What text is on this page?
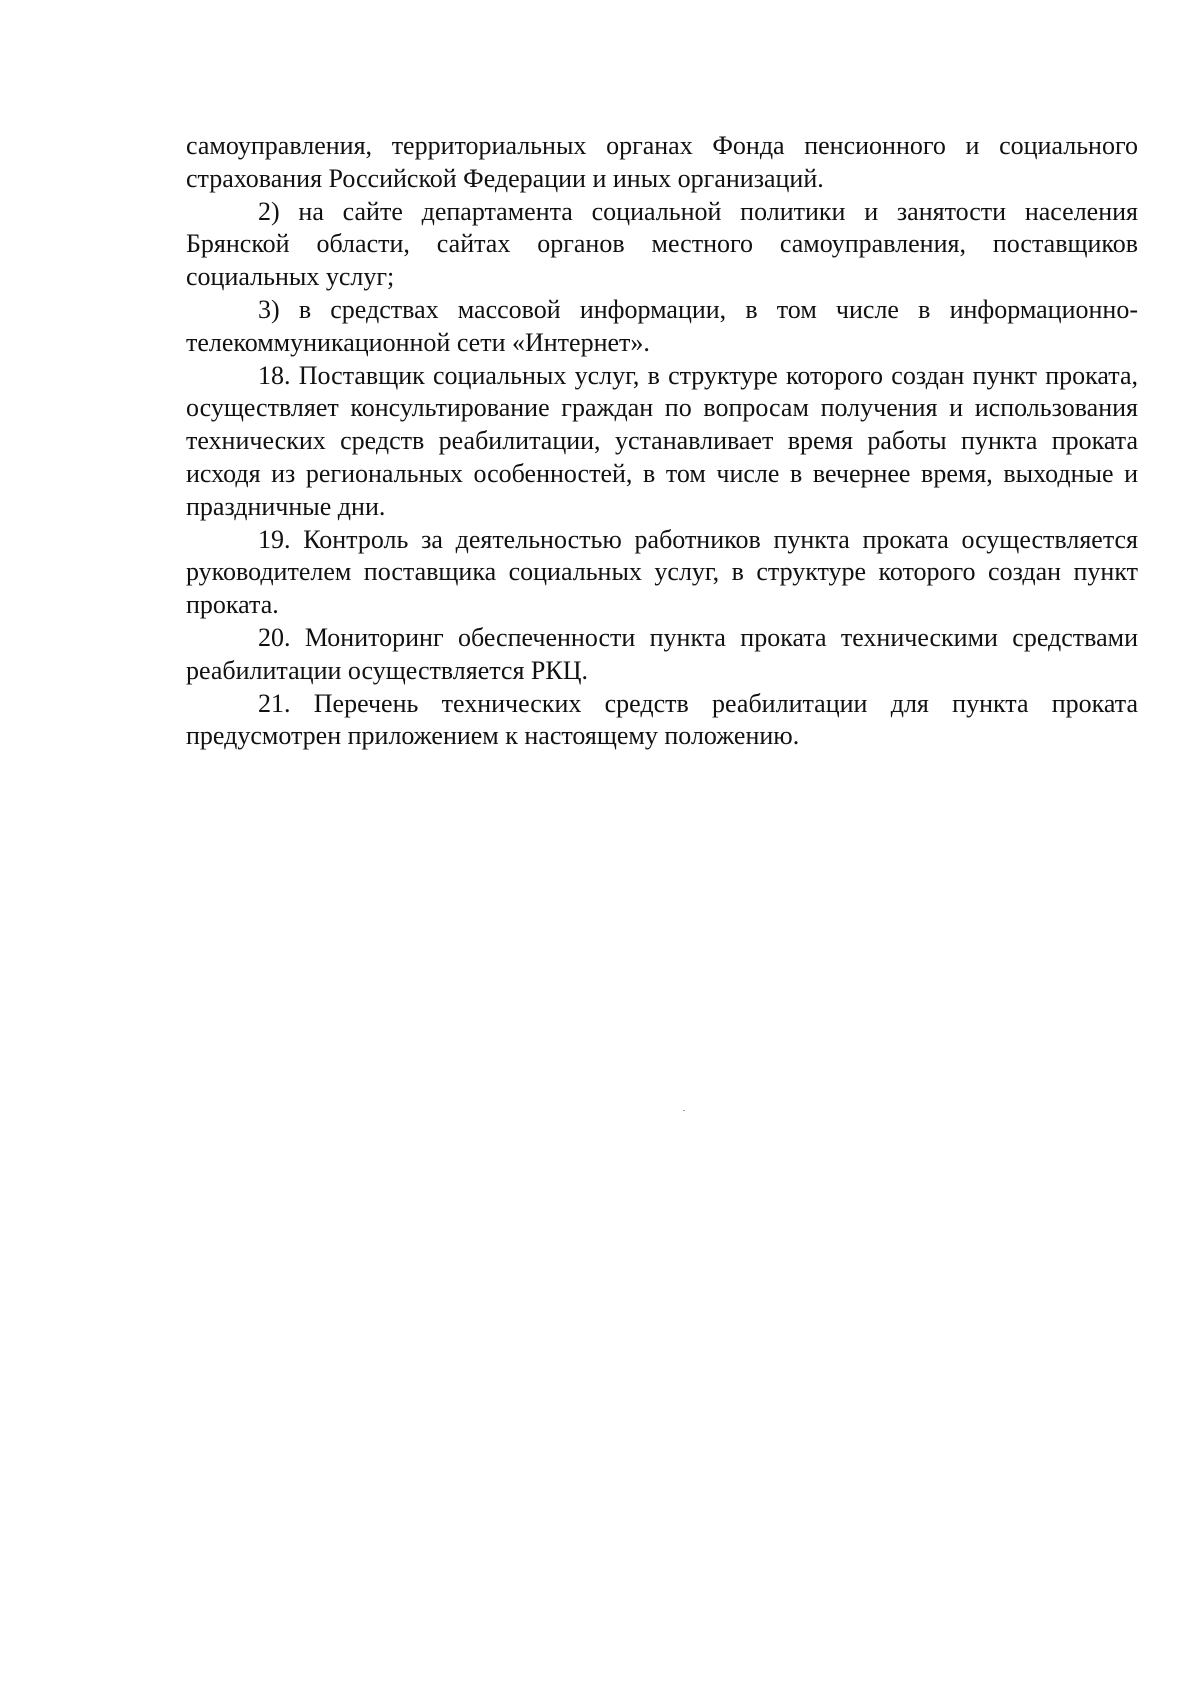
самоуправления, территориальных органах Фонда пенсионного и социального страхования Российской Федерации и иных организаций.

2) на сайте департамента социальной политики и занятости населения Брянской области, сайтах органов местного самоуправления, поставщиков социальных услуг;

3) в средствах массовой информации, в том числе в информационно-телекоммуникационной сети «Интернет».

18. Поставщик социальных услуг, в структуре которого создан пункт проката, осуществляет консультирование граждан по вопросам получения и использования технических средств реабилитации, устанавливает время работы пункта проката исходя из региональных особенностей, в том числе в вечернее время, выходные и праздничные дни.

19. Контроль за деятельностью работников пункта проката осуществляется руководителем поставщика социальных услуг, в структуре которого создан пункт проката.

20. Мониторинг обеспеченности пункта проката техническими средствами реабилитации осуществляется РКЦ.

21. Перечень технических средств реабилитации для пункта проката предусмотрен приложением к настоящему положению.
